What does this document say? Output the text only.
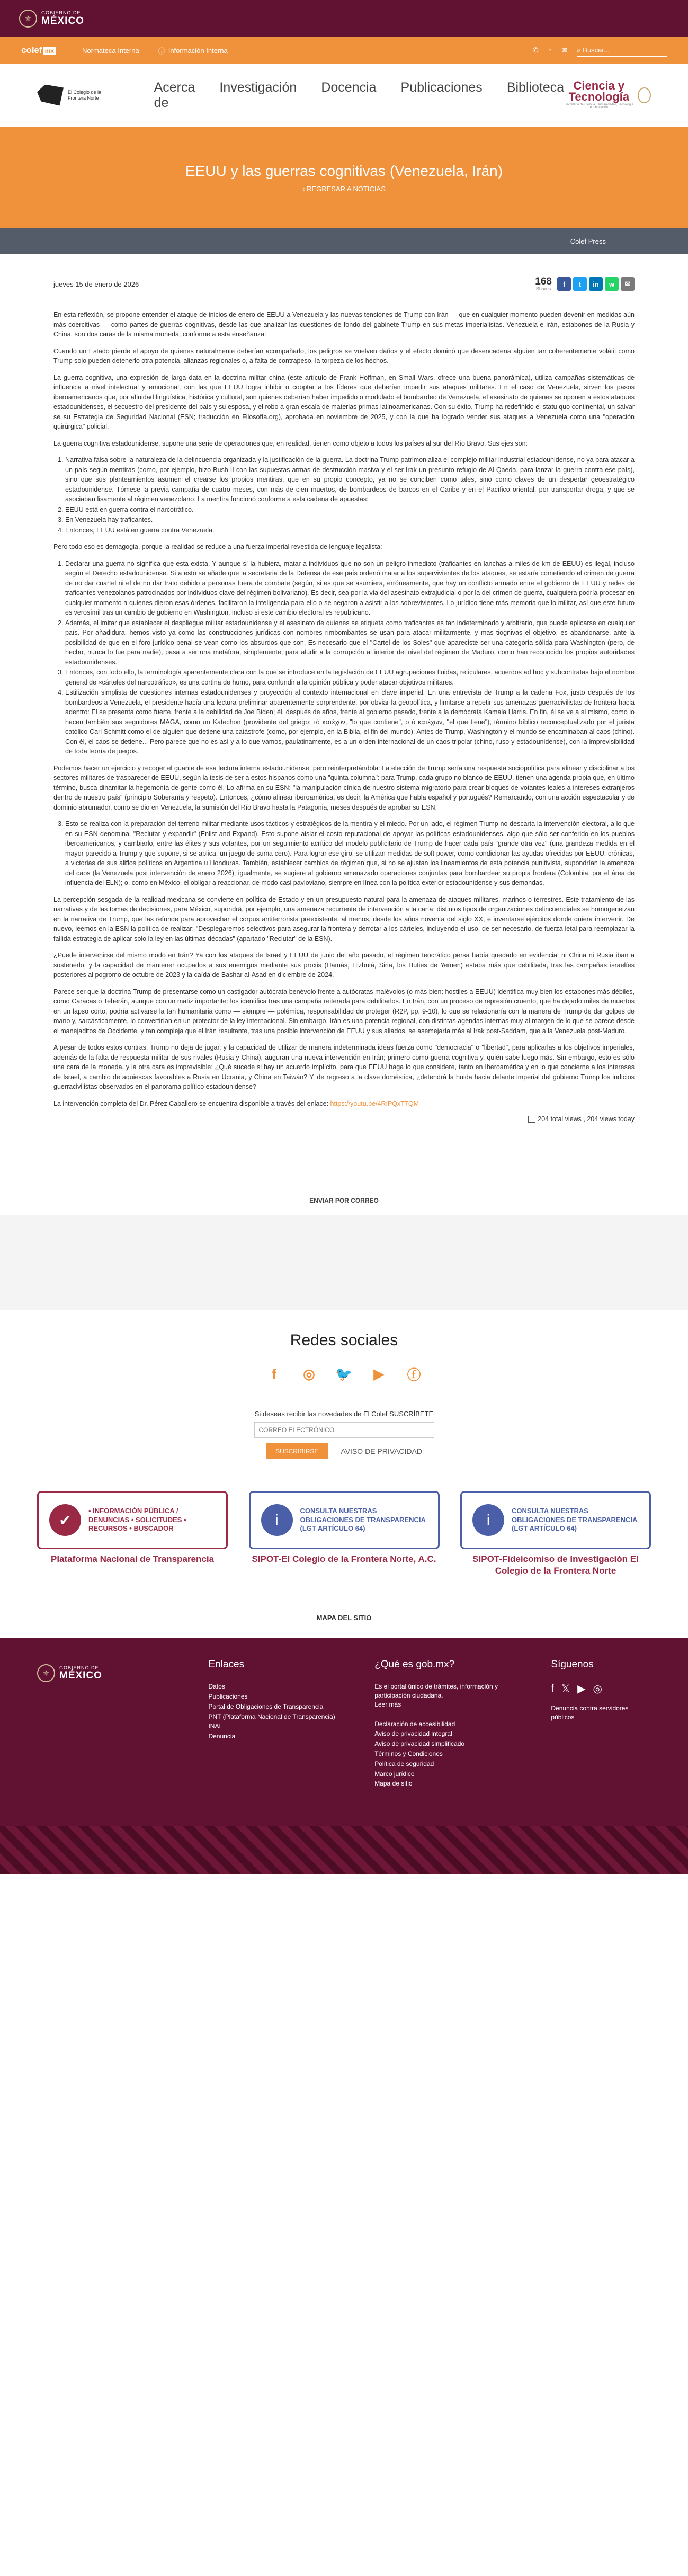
⚜
GOBIERNO DE
MÉXICO
colef mx	Normateca Interna	ⓘ Información Interna	✆ ⌖ ✉ ⌕
Buscar...
El Colegio de la Frontera Norte
Acerca de
Investigación Docencia Publicaciones Biblioteca Ciencia y
Tecnología
Secretaría de Ciencia, Humanidades, Tecnología e Innovación
EEUU y las guerras cognitivas (Venezuela, Irán)
‹ REGRESAR A NOTICIAS
Colef Press
jueves 15 de enero de 2026	168
Shares
f	t	in	w	✉

En esta reflexión, se propone entender el ataque de inicios de enero de EEUU a Venezuela y las nuevas tensiones de Trump con Irán — que en cualquier momento pueden devenir en medidas aún más coercitivas — como partes de guerras cognitivas, desde las que analizar las cuestiones de fondo del gabinete Trump en sus metas imperialistas. Venezuela e Irán, estabones de la Rusia y China, son dos caras de la misma moneda, conforme a esta enseñanza:

Cuando un Estado pierde el apoyo de quienes naturalmente deberían acompañarlo, los peligros se vuelven daños y el efecto dominó que desencadena alguien tan coherentemente volátil como Trump solo pueden detenerlo otra potencia, alianzas regionales o, a falta de contrapeso, la torpeza de los hechos.

La guerra cognitiva, una expresión de larga data en la doctrina militar china (este artículo de Frank Hoffman, en Small Wars, ofrece una buena panorámica), utiliza campañas sistemáticas de influencia a nivel intelectual y emocional, con las que EEUU logra inhibir o cooptar a los líderes que deberían impedir sus ataques militares. En el caso de Venezuela, sirven los pasos iberoamericanos que, por afinidad lingüística, histórica y cultural, son quienes deberían haber impedido o modulado el bombardeo de Venezuela, el asesinato de quienes se oponen a estos ataques estadounidenses, el secuestro del presidente del país y su esposa, y el robo a gran escala de materias primas latinoamericanas. Con su éxito, Trump ha redefinido el statu quo continental, un salvar se su Estrategia de Seguridad Nacional (ESN; traducción en Filosofía.org), aprobada en noviembre de 2025, y con la que ha logrado vender sus ataques a Venezuela como una "operación quirúrgica" policial.

La guerra cognitiva estadounidense, supone una serie de operaciones que, en realidad, tienen como objeto a todos los países al sur del Río Bravo. Sus ejes son:

1. Narrativa falsa sobre la naturaleza de la delincuencia organizada y la justificación de la guerra. La doctrina Trump patrimonializa el complejo militar industrial estadounidense, no ya para atacar a un país según mentiras (como, por ejemplo, hizo Bush II con las supuestas armas de destrucción masiva y el ser Irak un presunto refugio de Al Qaeda, para lanzar la guerra contra ese país), sino que sus planteamientos asumen el crearse los propios mentiras, que en su propio concepto, ya no se conciben como tales, sino como claves de un despertar geoestratégico estadounidense. Tómese la previa campaña de cuatro meses, con más de cien muertos, de bombardeos de barcos en el Caribe y en el Pacífico oriental, por transportar droga, y que se asociaban lisamente al régimen venezolano. La mentira funcionó conforme a esta cadena de apuestas:
2. EEUU está en guerra contra el narcotráfico.
3. En Venezuela hay traficantes.
4. Entonces, EEUU está en guerra contra Venezuela.

Pero todo eso es demagogia, porque la realidad se reduce a una fuerza imperial revestida de lenguaje legalista:

1. Declarar una guerra no significa que esta exista. Y aunque sí la hubiera, matar a individuos que no son un peligro inmediato (traficantes en lanchas a miles de km de EEUU) es ilegal, incluso según el Derecho estadounidense. Si a esto se añade que la secretaria de la Defensa de ese país ordenó matar a los supervivientes de los ataques, se estaría cometiendo el crimen de guerra de no dar cuartel ni el de no dar trato debido a personas fuera de combate (según, si es que se asumiera, erróneamente, que hay un conflicto armado entre el gobierno de EEUU y redes de traficantes venezolanos patrocinados por individuos clave del régimen bolivariano). Es decir, sea por la vía del asesinato extrajudicial o por la del crimen de guerra, cualquiera podría procesar en cualquier momento a quienes dieron esas órdenes, facilitaron la inteligencia para ello o se negaron a asistir a los sobrevivientes. Lo jurídico tiene más memoria que lo militar, así que este futuro es verosímil tras un cambio de gobierno en Washington, incluso si este cambio electoral es republicano.
2. Además, el imitar que establecer el despliegue militar estadounidense y el asesinato de quienes se etiqueta como traficantes es tan indeterminado y arbitrario, que puede aplicarse en cualquier país. Por añadidura, hemos visto ya como las construcciones jurídicas con nombres rimbombantes se usan para atacar militarmente, y mas tiognivas el objetivo, es abandonarse, ante la posibilidad de que en el foro jurídico penal se vean como los absurdos que son. Es necesario que el "Cartel de los Soles" que apareciste ser una categoría sólida para Washington (pero, de hecho, nunca lo fue para nadie), pasa a ser una metáfora, simplemente, para aludir a la corrupción al interior del nivel del régimen de Maduro, como han reconocido los propios autoridades estadounidenses.
3. Entonces, con todo ello, la terminología aparentemente clara con la que se introduce en la legislación de EEUU agrupaciones fluidas, reticulares, acuerdos ad hoc y subcontratas bajo el nombre general de «cárteles del narcotráfico», es una cortina de humo, para confundir a la opinión pública y poder atacar objetivos militares.
4. Estilización simplista de cuestiones internas estadounidenses y proyección al contexto internacional en clave imperial. En una entrevista de Trump a la cadena Fox, justo después de los bombardeos a Venezuela, el presidente hacía una lectura preliminar aparentemente sorprendente, por obviar la geopolítica, y limitarse a repetir sus amenazas guerracivilistas de frontera hacia adentro: El se presenta como fuerte, frente a la debilidad de Joe Biden; él, después de años, frente al gobierno pasado, frente a la demócrata Kamala Harris. En fin, él se ve a sí mismo, como lo hacen también sus seguidores MAGA, como un Katechon (providente del griego: τό κατέχον, "lo que contiene", o ὁ κατέχων, "el que tiene"), término bíblico reconceptualizado por el jurista católico Carl Schmitt como el de alguien que detiene una catástrofe (como, por ejemplo, en la Biblia, el fin del mundo). Antes de Trump, Washington y el mundo se encaminaban al caos (chino). Con él, el caos se detiene... Pero parece que no es así y a lo que vamos, paulatinamente, es a un orden internacional de un caos tripolar (chino, ruso y estadounidense), con la imprevisibilidad de toda teoría de juegos.

Podemos hacer un ejercicio y recoger el guante de esa lectura interna estadounidense, pero reinterpretándola: La elección de Trump sería una respuesta sociopolítica para alinear y disciplinar a los sectores militares de trasparecer de EEUU, según la tesis de ser a estos hispanos como una "quinta columna": para Trump, cada grupo no blanco de EEUU, tienen una agenda propia que, en último término, busca dinamitar la hegemonía de gente como él. Lo afirma en su ESN: "la manipulación cínica de nuestro sistema migratorio para crear bloques de votantes leales a intereses extranjeros dentro de nuestro país" (principio Soberanía y respeto). Entonces, ¿cómo alinear iberoamérica, es decir, la América que habla español y portugués? Remarcando, con una acción espectacular y de dominio abrumador, como se dio en Venezuela, la sumisión del Río Bravo hasta la Patagonia, meses después de aprobar su ESN.

3. Esto se realiza con la preparación del terreno militar mediante usos tácticos y estratégicos de la mentira y el miedo. Por un lado, el régimen Trump no descarta la intervención electoral, a lo que en su ESN denomina. "Reclutar y expandir" (Enlist and Expand). Esto supone aislar el costo reputacional de apoyar las políticas estadounidenses, algo que sólo ser conferido en los pueblos iberoamericanos, y cambiarlo, entre las élites y sus votantes, por un seguimiento acrítico del modelo publicitario de Trump de hacer cada país "grande otra vez" (una grandeza medida en el mayor parecido a Trump y que supone, si se aplica, un juego de suma cero). Para lograr ese giro, se utilizan medidas de soft power, como condicionar las ayudas ofrecidas por EEUU, crónicas, a victorias de sus aliflos políticos en Argentina u Honduras. También, establecer cambios de régimen que, si no se ajustan los lineamientos de esta potencia punitivista, supondrían la amenaza del caos (la Venezuela post intervención de enero 2026); igualmente, se sugiere al gobierno amenazado operaciones conjuntas para bombardear su propia frontera (Colombia, por el área de influencia del ELN); o, como en México, el obligar a reaccionar, de modo casi pavloviano, siempre en línea con la política exterior estadounidense y sus demandas.

La percepción sesgada de la realidad mexicana se convierte en política de Estado y en un presupuesto natural para la amenaza de ataques militares, marinos o terrestres. Este tratamiento de las narrativas y de las tomas de decisiones, para México, supondrá, por ejemplo, una amenaza recurrente de intervención a la carta: distintos tipos de organizaciones delincuenciales se homogeneizan en la narrativa de Trump, que las refunde para aprovechar el corpus antiterrorista preexistente, al menos, desde los años noventa del siglo XX, e inventarse ejércitos donde quiera intervenir. De nuevo, leemos en la ESN la política de realizar: "Desplegaremos selectivos para asegurar la frontera y derrotar a los cárteles, incluyendo el uso, de ser necesario, de fuerza letal para reemplazar la fallida estrategia de aplicar solo la ley en las últimas décadas" (apartado "Reclutar" de la ESN).

¿Puede intervenirse del mismo modo en Irán? Ya con los ataques de Israel y EEUU de junio del año pasado, el régimen teocrático persa había quedado en evidencia: ni China ni Rusia iban a sostenerlo, y la capacidad de mantener ocupados a sus enemigos mediante sus proxis (Hamás, Hizbulá, Siria, los Huties de Yemen) estaba más que debilitada, tras las campañas israelíes posteriores al pogromo de octubre de 2023 y la caída de Bashar al-Asad en diciembre de 2024.

Parece ser que la doctrina Trump de presentarse como un castigador autócrata benévolo frente a autócratas malévolos (o más bien: hostiles a EEUU) identifica muy bien los estabones más débiles, como Caracas o Teherán, aunque con un matiz importante: los identifica tras una campaña reiterada para debilitarlos. En Irán, con un proceso de represión cruento, que ha dejado miles de muertos en un lapso corto, podría activarse la tan humanitaria como — siempre — polémica, responsabilidad de proteger (R2P, pp. 9-10), lo que se relacionaría con la manera de Trump de dar golpes de mano y, sarcásticamente, lo convertirían en un protector de la ley internacional. Sin embargo, Irán es una potencia regional, con distintas agendas internas muy al margen de lo que se parece desde el manejaditos de Occidente, y tan compleja que el Irán resultante, tras una posible intervención de EEUU y sus aliados, se asemejaría más al Irak post-Saddam, que a la Venezuela post-Maduro.

A pesar de todos estos contras, Trump no deja de jugar, y la capacidad de utilizar de manera indeterminada ideas fuerza como "democracia" o "libertad", para aplicarlas a los objetivos imperiales, además de la falta de respuesta militar de sus rivales (Rusia y China), auguran una nueva intervención en Irán; primero como guerra cognitiva y, quién sabe luego más. Sin embargo, esto es sólo una cara de la moneda, y la otra cara es imprevisible: ¿Qué sucede si hay un acuerdo implícito, para que EEUU haga lo que considere, tanto en Iberoamérica y en lo que concierne a los intereses de Israel, a cambio de aquiescas favorables a Rusia en Ucrania, y China en Taiwán? Y, de regreso a la clave doméstica, ¿detendrá la huida hacia delante imperial del gobierno Trump los indicios guerracivilistas observados en el panorama político estadounidense?

La intervención completa del Dr. Pérez Caballero se encuentra disponible a través del enlace: https://youtu.be/4RIPQxT7QM

204 total views , 204 views today
ENVIAR POR CORREO
Redes sociales
f	◎ 🐦	▶	ⓕ
Si deseas recibir las novedades de El Colef SUSCRÍBETE
CORREO ELECTRÓNICO
SUSCRIBIRSE	AVISO DE PRIVACIDAD
✔
• INFORMACIÓN PÚBLICA / DENUNCIAS • SOLICITUDES • RECURSOS • BUSCADOR
Plataforma Nacional de Transparencia
i
CONSULTA NUESTRAS OBLIGACIONES DE TRANSPARENCIA (LGT ARTÍCULO 64)
SIPOT-El Colegio de la Frontera Norte, A.C.
i
CONSULTA NUESTRAS OBLIGACIONES DE TRANSPARENCIA (LGT ARTÍCULO 64)
SIPOT-Fideicomiso de Investigación El Colegio de la Frontera Norte
MAPA DEL SITIO
⚜
GOBIERNO DE
MÉXICO
Enlaces
Datos
Publicaciones
Portal de Obligaciones de Transparencia
PNT (Plataforma Nacional de Transparencia)
INAI
Denuncia
¿Qué es gob.mx?

Es el portal único de trámites, información y participación ciudadana.

Leer más

Declaración de accesibilidad
Aviso de privacidad integral
Aviso de privacidad simplificado
Términos y Condiciones
Política de seguridad
Marco jurídico
Mapa de sitio
Síguenos
f 𝕏 ▶ ◎

Denuncia contra servidores públicos
